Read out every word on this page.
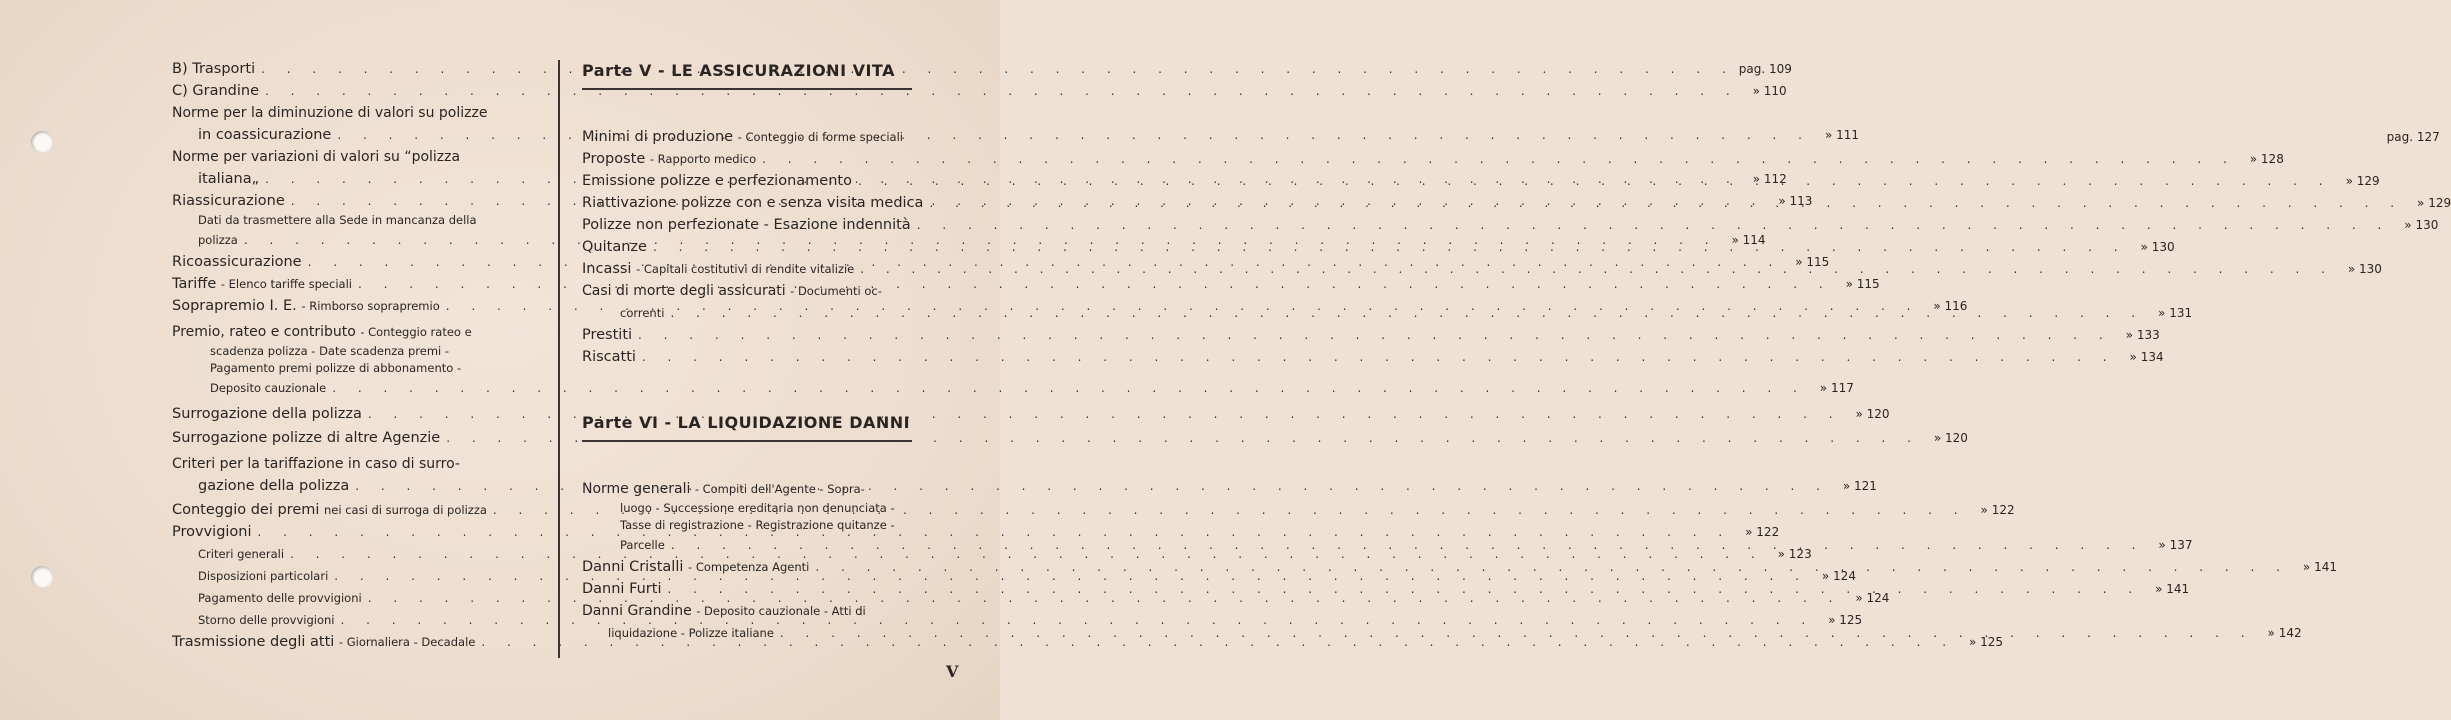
B) Trasporti . . .	pag. 109
C) Grandine . . .	» 110
Norme per la diminuzione di valori su polizze
in coassicurazione . . .	» 111
Norme per variazioni di valori su “polizza
italiana„ . . .	» 112
Riassicurazione . . .	» 113
Dati da trasmettere alla Sede in mancanza della
polizza . . .	» 114
Ricoassicurazione . . .	» 115
Tariffe
- Elenco tariffe speciali . . .	» 115
Soprapremio I. E.
- Rimborso soprapremio . . .	» 116
Premio, rateo e contributo - Conteggio rateo e
scadenza polizza - Date scadenza premi -
Pagamento premi polizze di abbonamento -
Deposito cauzionale . . .	» 117
Surrogazione della polizza . . .	» 120
Surrogazione polizze di altre Agenzie . . .	» 120
Criteri per la tariffazione in caso di surro-
gazione della polizza . . .	» 121
Conteggio dei premi
nei casi di surroga di polizza . . .	» 122
Provvigioni . . .	» 122
Criteri generali . . .	» 123
Disposizioni particolari . . .	» 124
Pagamento delle provvigioni . . .	» 124
Storno delle provvigioni . . .	» 125
Trasmissione degli atti
- Giornaliera - Decadale . . .	» 125
Parte V - LE ASSICURAZIONI VITA
Minimi di produzione
- Conteggio di forme speciali	pag. 127
Proposte
- Rapporto medico . . .	» 128
Emissione polizze e perfezionamento . . .	» 129
Riattivazione polizze con e senza visita medica . . .	» 129
Polizze non perfezionate - Esazione indennità . . .	» 130
Quitanze . . .	» 130
Incassi
- Capitali costitutivi di rendite vitalizie . . .	» 130
Casi di morte degli assicurati - Documenti oc-
correnti . . .	» 131
Prestiti . . .	» 133
Riscatti . . .	» 134
Parte VI - LA LIQUIDAZIONE DANNI
Norme generali - Compiti dell'Agente - Sopra-
luogo - Successione ereditaria non denunciata -
Tasse di registrazione - Registrazione quitanze -
Parcelle . . .	» 137
Danni Cristalli
- Competenza Agenti . . .	» 141
Danni Furti . . .	» 141
Danni Grandine - Deposito cauzionale - Atti di
liquidazione - Polizze italiane . . .	» 142
V
